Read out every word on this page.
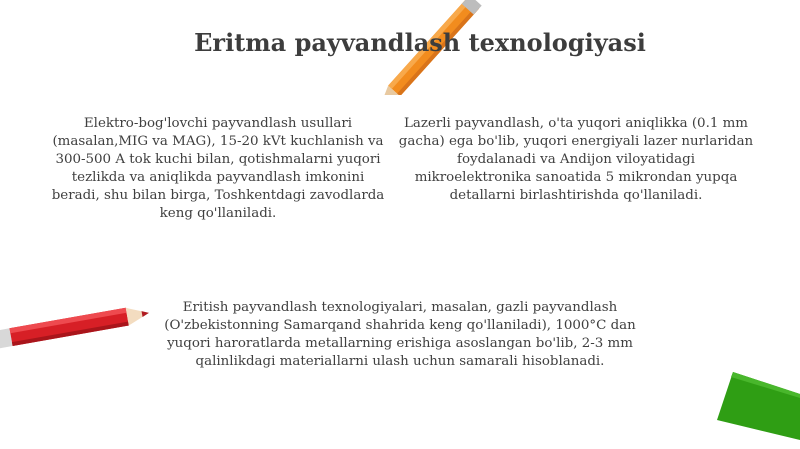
Eritma payvandlash texnologiyasi

Elektro-bog'lovchi payvandlash usullari (masalan,MIG va MAG), 15-20 kVt kuchlanish va 300-500 A tok kuchi bilan, qotishmalarni yuqori tezlikda va aniqlikda payvandlash imkonini beradi, shu bilan birga, Toshkentdagi zavodlarda keng qo'llaniladi.

Lazerli payvandlash, o'ta yuqori aniqlikka (0.1 mm gacha) ega bo'lib, yuqori energiyali lazer nurlaridan foydalanadi va Andijon viloyatidagi mikroelektronika sanoatida 5 mikrondan yupqa detallarni birlashtirishda qo'llaniladi.

Eritish payvandlash texnologiyalari, masalan, gazli payvandlash (O'zbekistonning Samarqand shahrida keng qo'llaniladi), 1000°C dan yuqori haroratlarda metallarning erishiga asoslangan bo'lib, 2-3 mm qalinlikdagi materiallarni ulash uchun samarali hisoblanadi.
